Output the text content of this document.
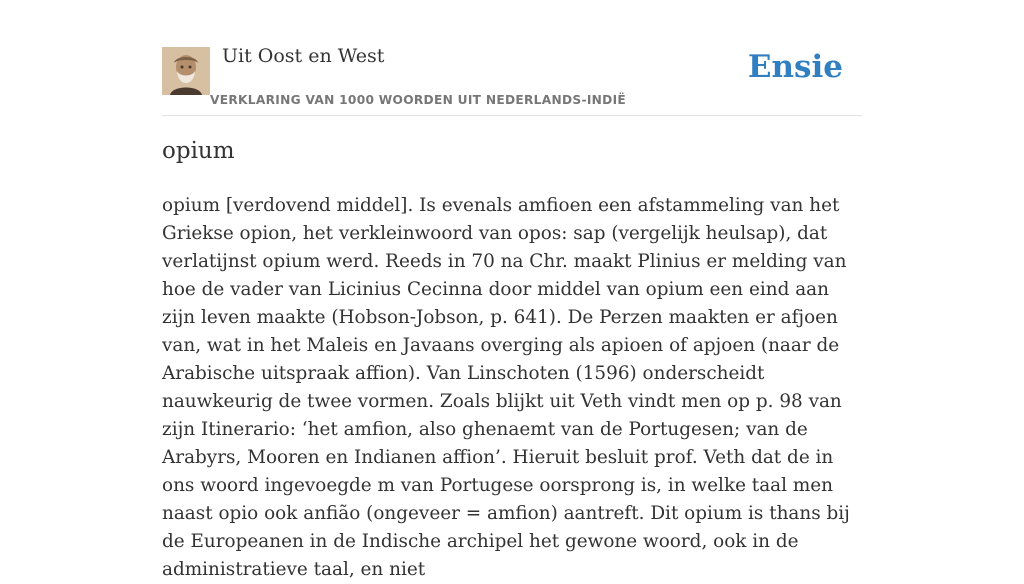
Uit Oost en West

VERKLARING VAN 1000 WOORDEN UIT NEDERLANDS-INDIË

Ensie
opium

opium [verdovend middel]. Is evenals amfioen een afstammeling van het Griekse opion, het verkleinwoord van opos: sap (vergelijk heulsap), dat verlatijnst opium werd. Reeds in 70 na Chr. maakt Plinius er melding van hoe de vader van Licinius Cecinna door middel van opium een eind aan zijn leven maakte (Hobson-Jobson, p. 641). De Perzen maakten er afjoen van, wat in het Maleis en Javaans overging als apioen of apjoen (naar de Arabische uitspraak affion). Van Linschoten (1596) onderscheidt nauwkeurig de twee vormen. Zoals blijkt uit Veth vindt men op p. 98 van zijn Itinerario: ‘het amfion, also ghenaemt van de Portugesen; van de Arabyrs, Mooren en Indianen affion’. Hieruit besluit prof. Veth dat de in ons woord ingevoegde m van Portugese oorsprong is, in welke taal men naast opio ook anfião (ongeveer = amfion) aantreft. Dit opium is thans bij de Europeanen in de Indische archipel het gewone woord, ook in de administratieve taal, en niet
